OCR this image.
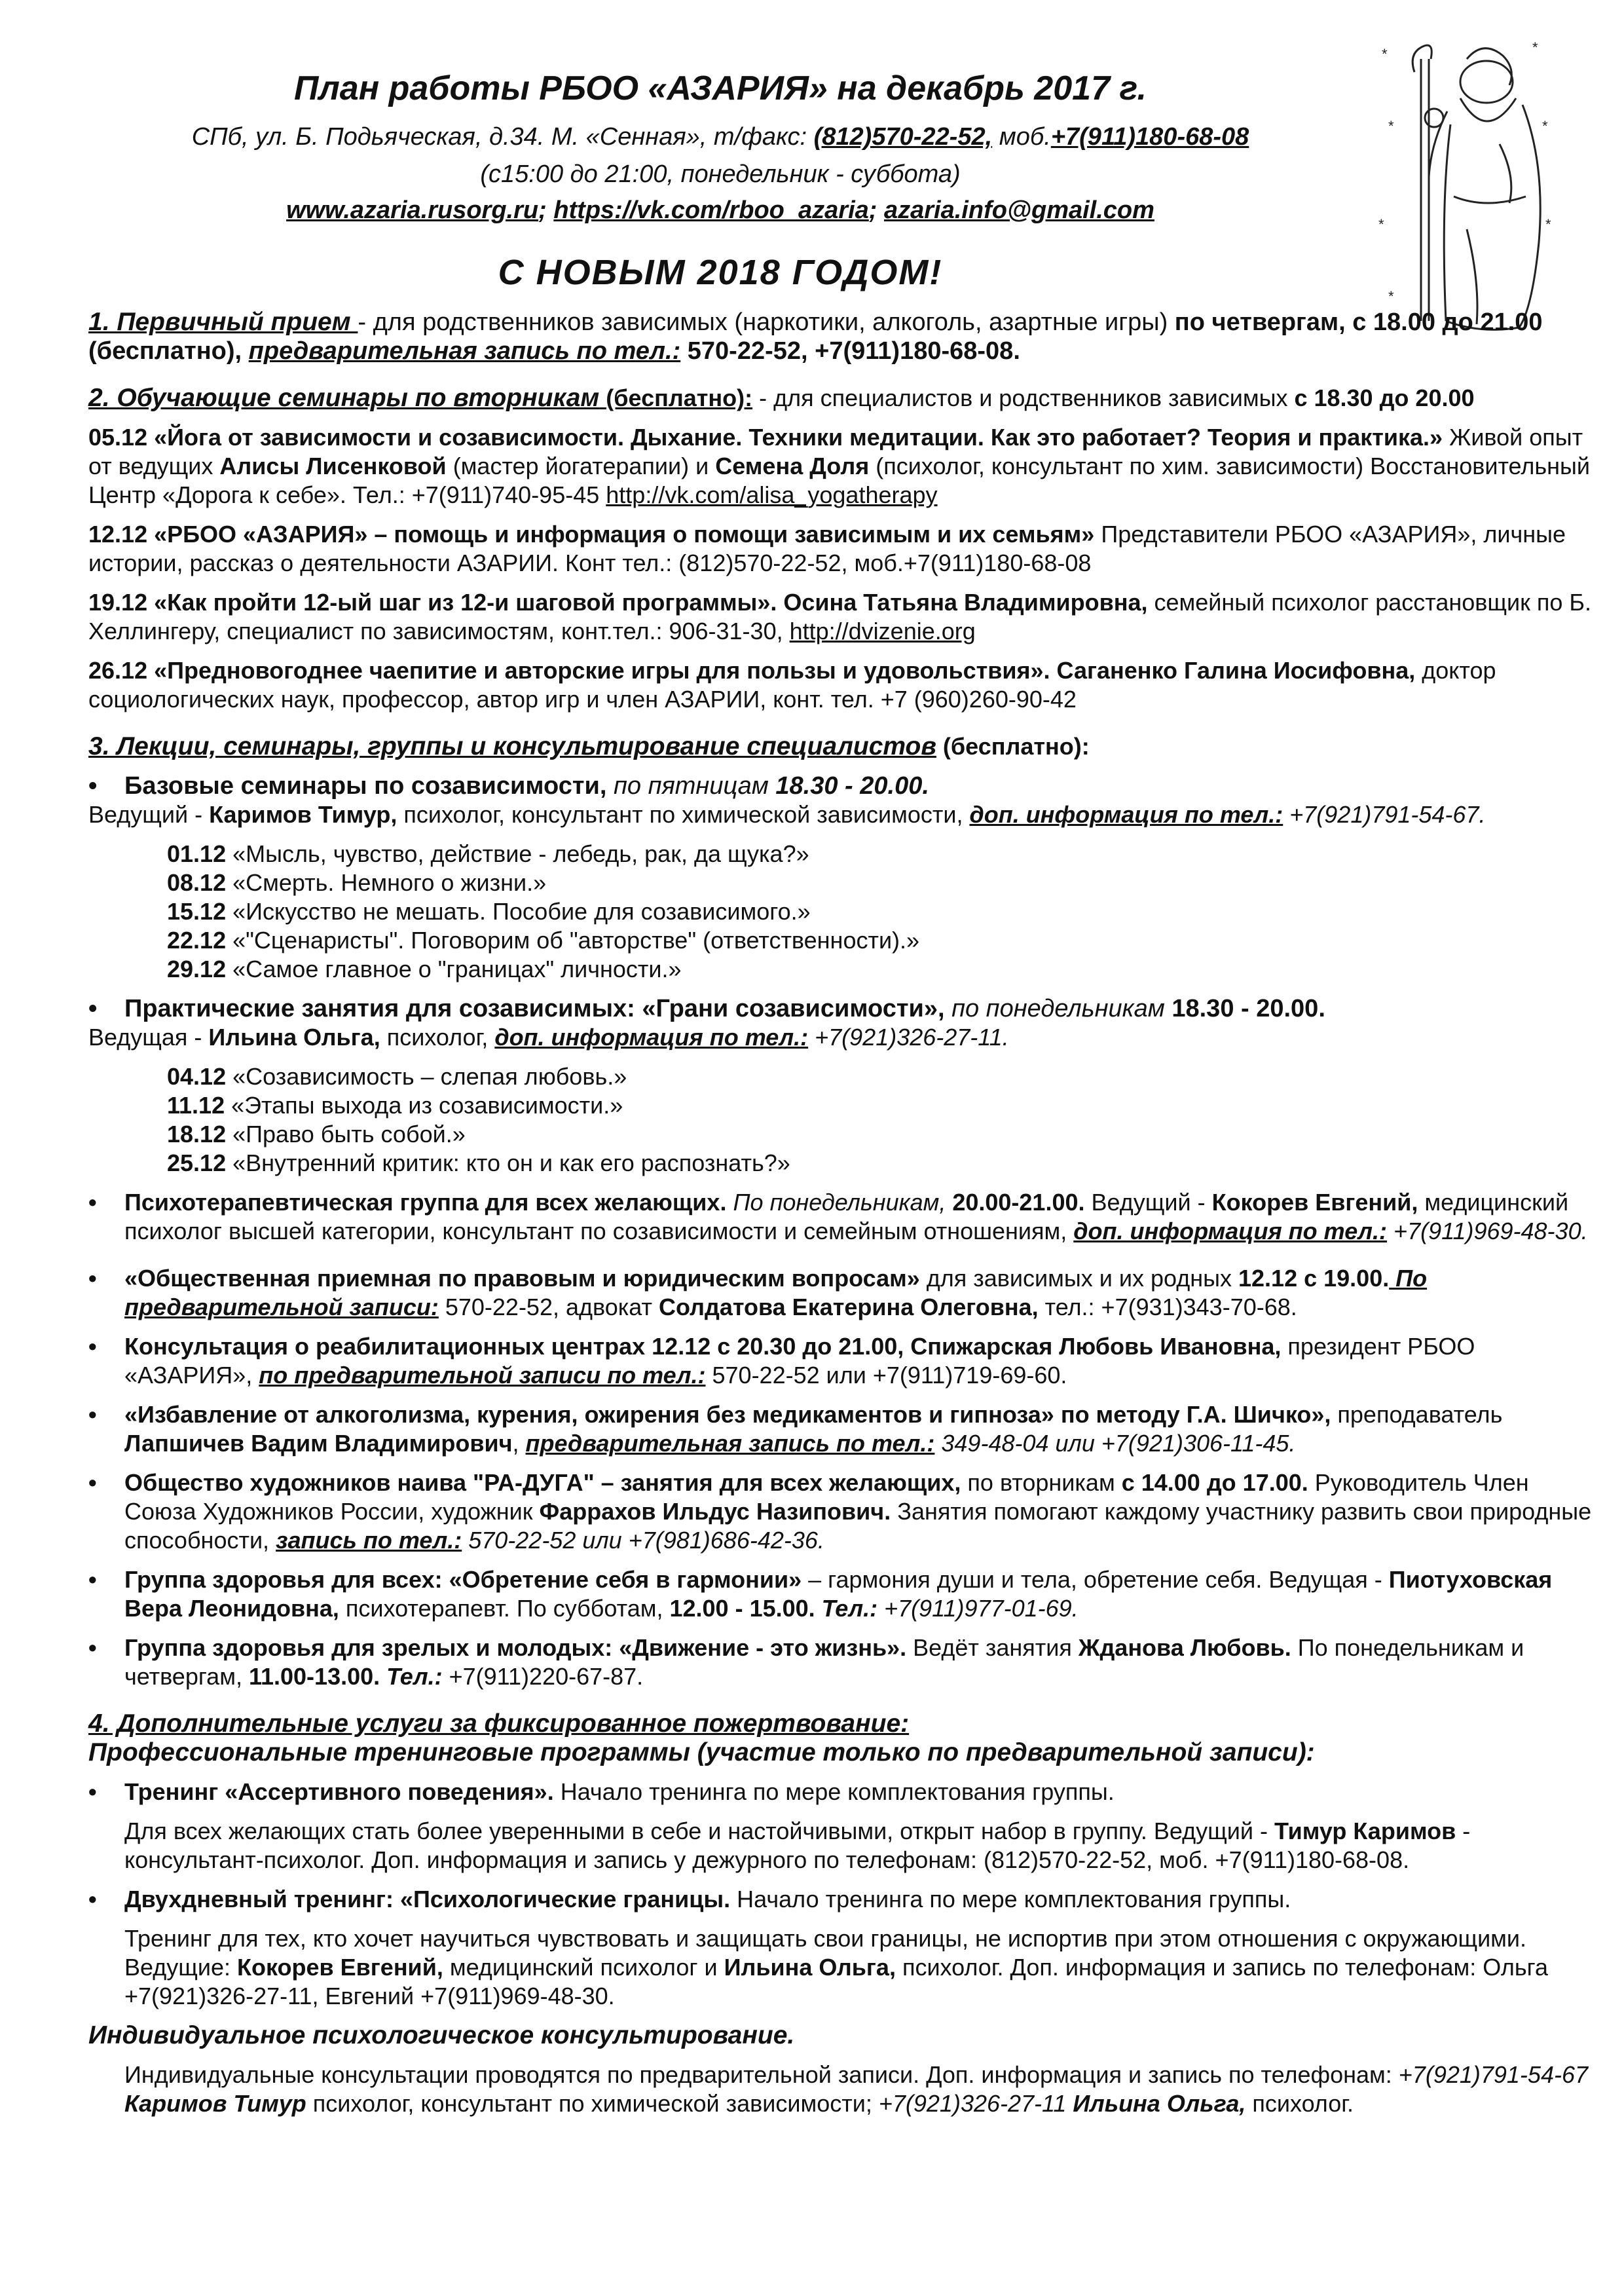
*	*
*	*
*
*
*
План работы РБОО «АЗАРИЯ» на декабрь 2017 г.
СПб, ул. Б. Подьяческая, д.34. М. «Сенная», т/факс: (812)570-22-52, моб.+7(911)180-68-08
(с15:00 до 21:00, понедельник - суббота)
www.azaria.rusorg.ru; https://vk.com/rboo_azaria; azaria.info@gmail.com
С НОВЫМ 2018 ГОДОМ!

1. Первичный прием - для родственников зависимых (наркотики, алкоголь, азартные игры) по четвергам, с 18.00 до 21.00 (бесплатно), предварительная запись по тел.: 570-22-52, +7(911)180-68-08.

2. Обучающие семинары по вторникам (бесплатно): - для специалистов и родственников зависимых с 18.30 до 20.00

05.12 «Йога от зависимости и созависимости. Дыхание. Техники медитации. Как это работает? Теория и практика.» Живой опыт от ведущих Алисы Лисенковой (мастер йогатерапии) и Семена Доля (психолог, консультант по хим. зависимости) Восстановительный Центр «Дорога к себе». Тел.: +7(911)740-95-45 http://vk.com/alisa_yogatherapy

12.12 «РБОО «АЗАРИЯ» – помощь и информация о помощи зависимым и их семьям» Представители РБОО «АЗАРИЯ», личные истории, рассказ о деятельности АЗАРИИ. Конт тел.: (812)570-22-52, моб.+7(911)180-68-08

19.12 «Как пройти 12-ый шаг из 12-и шаговой программы». Осина Татьяна Владимировна, семейный психолог расстановщик по Б. Хеллингеру, специалист по зависимостям, конт.тел.: 906-31-30, http://dvizenie.org

26.12 «Предновогоднее чаепитие и авторские игры для пользы и удовольствия». Саганенко Галина Иосифовна, доктор социологических наук, профессор, автор игр и член АЗАРИИ, конт. тел. +7 (960)260-90-42

3. Лекции, семинары, группы и консультирование специалистов (бесплатно):

• Базовые семинары по созависимости, по пятницам 18.30 - 20.00.

Ведущий - Каримов Тимур, психолог, консультант по химической зависимости, доп. информация по тел.: +7(921)791-54-67.

01.12 «Мысль, чувство, действие - лебедь, рак, да щука?»

08.12 «Смерть. Немного о жизни.»

15.12 «Искусство не мешать. Пособие для созависимого.»

22.12 «"Сценаристы". Поговорим об "авторстве" (ответственности).»

29.12 «Самое главное о "границах" личности.»

• Практические занятия для созависимых: «Грани созависимости», по понедельникам 18.30 - 20.00.

Ведущая - Ильина Ольга, психолог, доп. информация по тел.: +7(921)326-27-11.

04.12 «Созависимость – слепая любовь.»

11.12 «Этапы выхода из созависимости.»

18.12 «Право быть собой.»

25.12 «Внутренний критик: кто он и как его распознать?»

• Психотерапевтическая группа для всех желающих. По понедельникам, 20.00-21.00. Ведущий - Кокорев Евгений, медицинский психолог высшей категории, консультант по созависимости и семейным отношениям, доп. информация по тел.: +7(911)969-48-30.

• «Общественная приемная по правовым и юридическим вопросам» для зависимых и их родных 12.12 с 19.00. По предварительной записи: 570-22-52, адвокат Солдатова Екатерина Олеговна, тел.: +7(931)343-70-68.

• Консультация о реабилитационных центрах 12.12 с 20.30 до 21.00, Спижарская Любовь Ивановна, президент РБОО «АЗАРИЯ», по предварительной записи по тел.: 570-22-52 или +7(911)719-69-60.

• «Избавление от алкоголизма, курения, ожирения без медикаментов и гипноза» по методу Г.А. Шичко», преподаватель Лапшичев Вадим Владимирович, предварительная запись по тел.: 349-48-04 или +7(921)306-11-45.

• Общество художников наива "РА-ДУГА" – занятия для всех желающих, по вторникам с 14.00 до 17.00. Руководитель Член Союза Художников России, художник Фаррахов Ильдус Назипович. Занятия помогают каждому участнику развить свои природные способности, запись по тел.: 570-22-52 или +7(981)686-42-36.

• Группа здоровья для всех: «Обретение себя в гармонии» – гармония души и тела, обретение себя. Ведущая - Пиотуховская Вера Леонидовна, психотерапевт. По субботам, 12.00 - 15.00. Тел.: +7(911)977-01-69.

• Группа здоровья для зрелых и молодых: «Движение - это жизнь». Ведёт занятия Жданова Любовь. По понедельникам и четвергам, 11.00-13.00. Тел.: +7(911)220-67-87.

4. Дополнительные услуги за фиксированное пожертвование:

Профессиональные тренинговые программы (участие только по предварительной записи):

• Тренинг «Ассертивного поведения». Начало тренинга по мере комплектования группы.

Для всех желающих стать более уверенными в себе и настойчивыми, открыт набор в группу. Ведущий - Тимур Каримов - консультант-психолог. Доп. информация и запись у дежурного по телефонам: (812)570-22-52, моб. +7(911)180-68-08.

• Двухдневный тренинг: «Психологические границы. Начало тренинга по мере комплектования группы.

Тренинг для тех, кто хочет научиться чувствовать и защищать свои границы, не испортив при этом отношения с окружающими. Ведущие: Кокорев Евгений, медицинский психолог и Ильина Ольга, психолог. Доп. информация и запись по телефонам: Ольга +7(921)326-27-11, Евгений +7(911)969-48-30.

Индивидуальное психологическое консультирование.

Индивидуальные консультации проводятся по предварительной записи. Доп. информация и запись по телефонам: +7(921)791-54-67 Каримов Тимур психолог, консультант по химической зависимости; +7(921)326-27-11 Ильина Ольга, психолог.
